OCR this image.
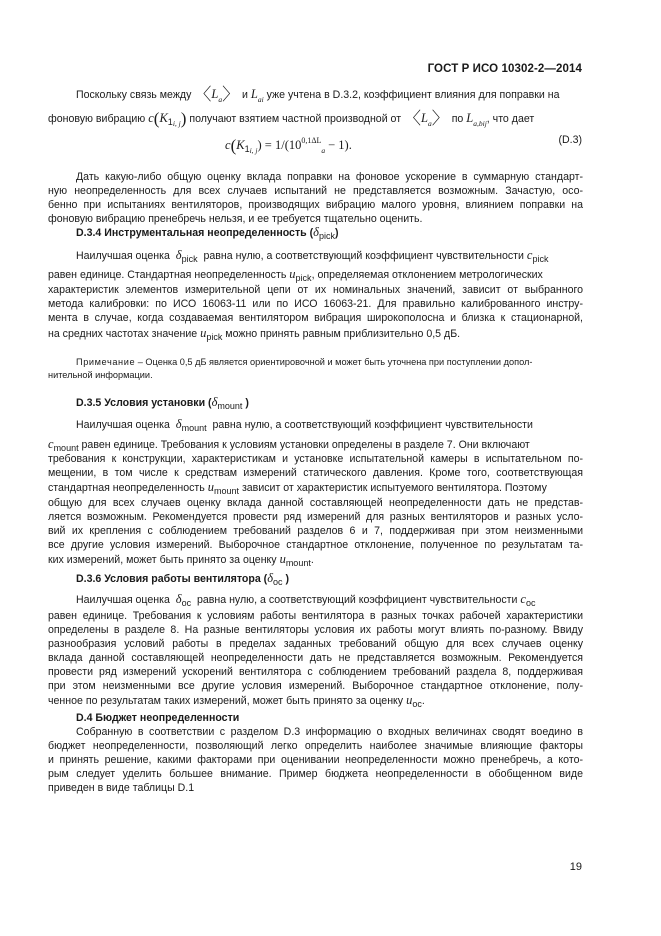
ГОСТ Р ИСО 10302-2—2014
Поскольку связь между 〈$L_a$〉 и $L_{ai}$ уже учтена в D.3.2, коэффициент влияния для поправки на
фоновую вибрацию $c(K_{1i, j})$ получают взятием частной производной от 〈$L_a$〉 по $L_{a,bij}$, что дает
$c(K_{1i, j}) = 1/(10^{0,1\Delta L}_a - 1)$.	(D.3)
Дать какую-либо общую оценку вклада поправки на фоновое ускорение в суммарную стандарт-
ную неопределенность для всех случаев испытаний не представляется возможным. Зачастую, осо-
бенно при испытаниях вентиляторов, производящих вибрацию малого уровня, влиянием поправки на
фоновую вибрацию пренебречь нельзя, и ее требуется тщательно оценить.
D.3.4 Инструментальная неопределенность $(\delta_{pick})$
Наилучшая оценка $\delta_{pick}$ равна нулю, а соответствующий коэффициент чувствительности $c_{pick}$
равен единице. Стандартная неопределенность $u_{pick}$, определяемая отклонением метрологических
характеристик элементов измерительной цепи от их номинальных значений, зависит от выбранного
метода калибровки: по ИСО 16063-11 или по ИСО 16063-21. Для правильно калиброванного инстру-
мента в случае, когда создаваемая вентилятором вибрация широкополосна и близка к стационарной,
на средних частотах значение $u_{pick}$ можно принять равным приблизительно 0,5 дБ.
Примечание – Оценка 0,5 дБ является ориентировочной и может быть уточнена при поступлении допол-
нительной информации.
D.3.5 Условия установки ($\delta_{mount}$ )
Наилучшая оценка $\delta_{mount}$ равна нулю, а соответствующий коэффициент чувствительности
$c_{mount}$ равен единице. Требования к условиям установки определены в разделе 7. Они включают
требования к конструкции, характеристикам и установке испытательной камеры в испытательном по-
мещении, в том числе к средствам измерений статического давления. Кроме того, соответствующая
стандартная неопределенность $u_{mount}$ зависит от характеристик испытуемого вентилятора. Поэтому
общую для всех случаев оценку вклада данной составляющей неопределенности дать не представ-
ляется возможным. Рекомендуется провести ряд измерений для разных вентиляторов и разных усло-
вий их крепления с соблюдением требований разделов 6 и 7, поддерживая при этом неизменными
все другие условия измерений. Выборочное стандартное отклонение, полученное по результатам та-
ких измерений, может быть принято за оценку $u_{mount}$.
D.3.6 Условия работы вентилятора ($\delta_{oc}$ )
Наилучшая оценка $\delta_{oc}$ равна нулю, а соответствующий коэффициент чувствительности $c_{oc}$
равен единице. Требования к условиям работы вентилятора в разных точках рабочей характеристики
определены в разделе 8. На разные вентиляторы условия их работы могут влиять по-разному. Ввиду
разнообразия условий работы в пределах заданных требований общую для всех случаев оценку
вклада данной составляющей неопределенности дать не представляется возможным. Рекомендуется
провести ряд измерений ускорений вентилятора с соблюдением требований раздела 8, поддерживая
при этом неизменными все другие условия измерений. Выборочное стандартное отклонение, полу-
ченное по результатам таких измерений, может быть принято за оценку $u_{oc}$.
D.4 Бюджет неопределенности
Собранную в соответствии с разделом D.3 информацию о входных величинах сводят воедино в
бюджет неопределенности, позволяющий легко определить наиболее значимые влияющие факторы
и принять решение, какими факторами при оценивании неопределенности можно пренебречь, а кото-
рым следует уделить большее внимание. Пример бюджета неопределенности в обобщенном виде
приведен в виде таблицы D.1
19
